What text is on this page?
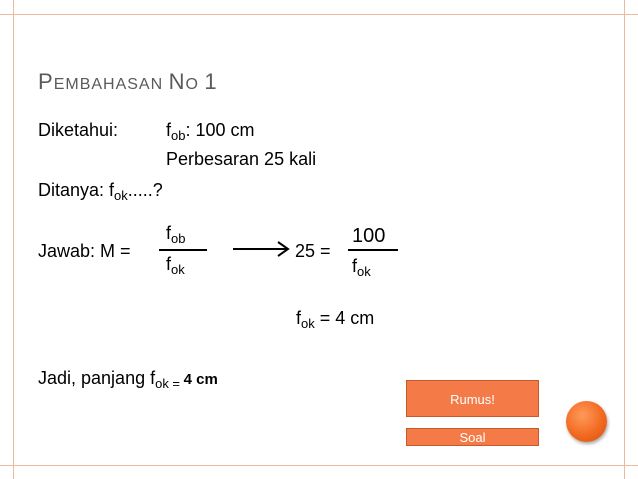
PEMBAHASAN NO 1
Diketahui:	$f_{ob}$: 100 cm
Perbesaran 25 kali
Ditanya: $f_{ok}$.....?
Jawab: M =
$f_{ob}$
$f_{ok}$
25 =
100
$f_{ok}$
$f_{ok} = 4$ cm
Jadi, panjang $f_{ok =}$ 4 cm
Rumus!
Soal
